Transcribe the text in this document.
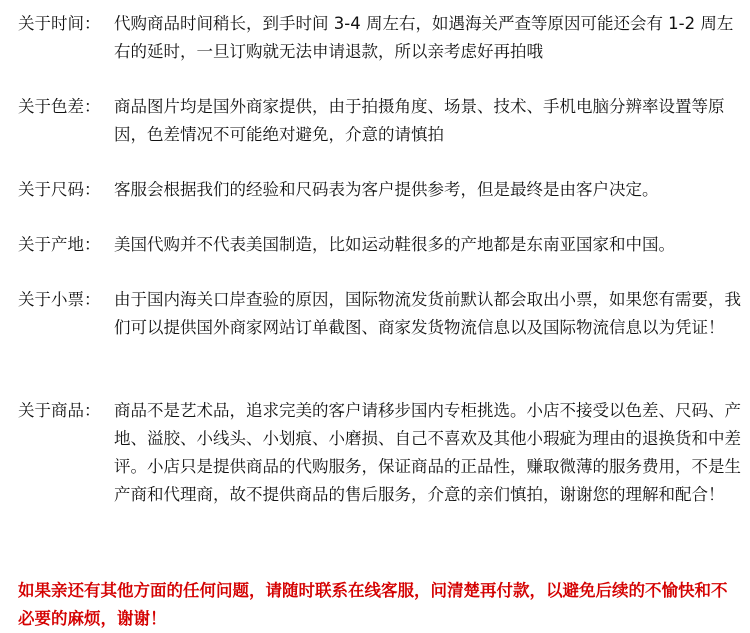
关于时间： 代购商品时间稍长，到手时间 3-4 周左右，如遇海关严查等原因可能还会有 1-2 周左右的延时，一旦订购就无法申请退款，所以亲考虑好再拍哦
关于色差： 商品图片均是国外商家提供，由于拍摄角度、场景、技术、手机电脑分辨率设置等原因，色差情况不可能绝对避免，介意的请慎拍
关于尺码： 客服会根据我们的经验和尺码表为客户提供参考，但是最终是由客户决定。
关于产地： 美国代购并不代表美国制造，比如运动鞋很多的产地都是东南亚国家和中国。
关于小票： 由于国内海关口岸查验的原因，国际物流发货前默认都会取出小票，如果您有需要，我们可以提供国外商家网站订单截图、商家发货物流信息以及国际物流信息以为凭证！
关于商品： 商品不是艺术品，追求完美的客户请移步国内专柜挑选。小店不接受以色差、尺码、产地、溢胶、小线头、小划痕、小磨损、自己不喜欢及其他小瑕疵为理由的退换货和中差评。小店只是提供商品的代购服务，保证商品的正品性，赚取微薄的服务费用，不是生产商和代理商，故不提供商品的售后服务，介意的亲们慎拍，谢谢您的理解和配合！

如果亲还有其他方面的任何问题，请随时联系在线客服，问清楚再付款，以避免后续的不愉快和不必要的麻烦，谢谢！
